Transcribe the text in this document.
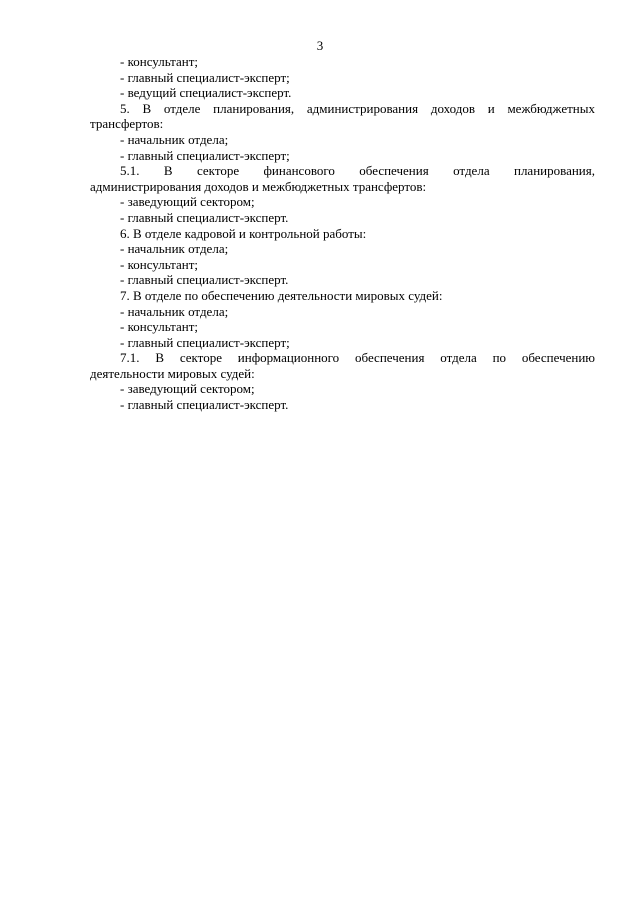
3
- консультант;
- главный специалист-эксперт;
- ведущий специалист-эксперт.
5. В отделе планирования, администрирования доходов и межбюджетных
трансфертов:
- начальник отдела;
- главный специалист-эксперт;
5.1. В секторе финансового обеспечения отдела планирования,
администрирования доходов и межбюджетных трансфертов:
- заведующий сектором;
- главный специалист-эксперт.
6. В отделе кадровой и контрольной работы:
- начальник отдела;
- консультант;
- главный специалист-эксперт.
7. В отделе по обеспечению деятельности мировых судей:
- начальник отдела;
- консультант;
- главный специалист-эксперт;
7.1. В секторе информационного обеспечения отдела по обеспечению
деятельности мировых судей:
- заведующий сектором;
- главный специалист-эксперт.
